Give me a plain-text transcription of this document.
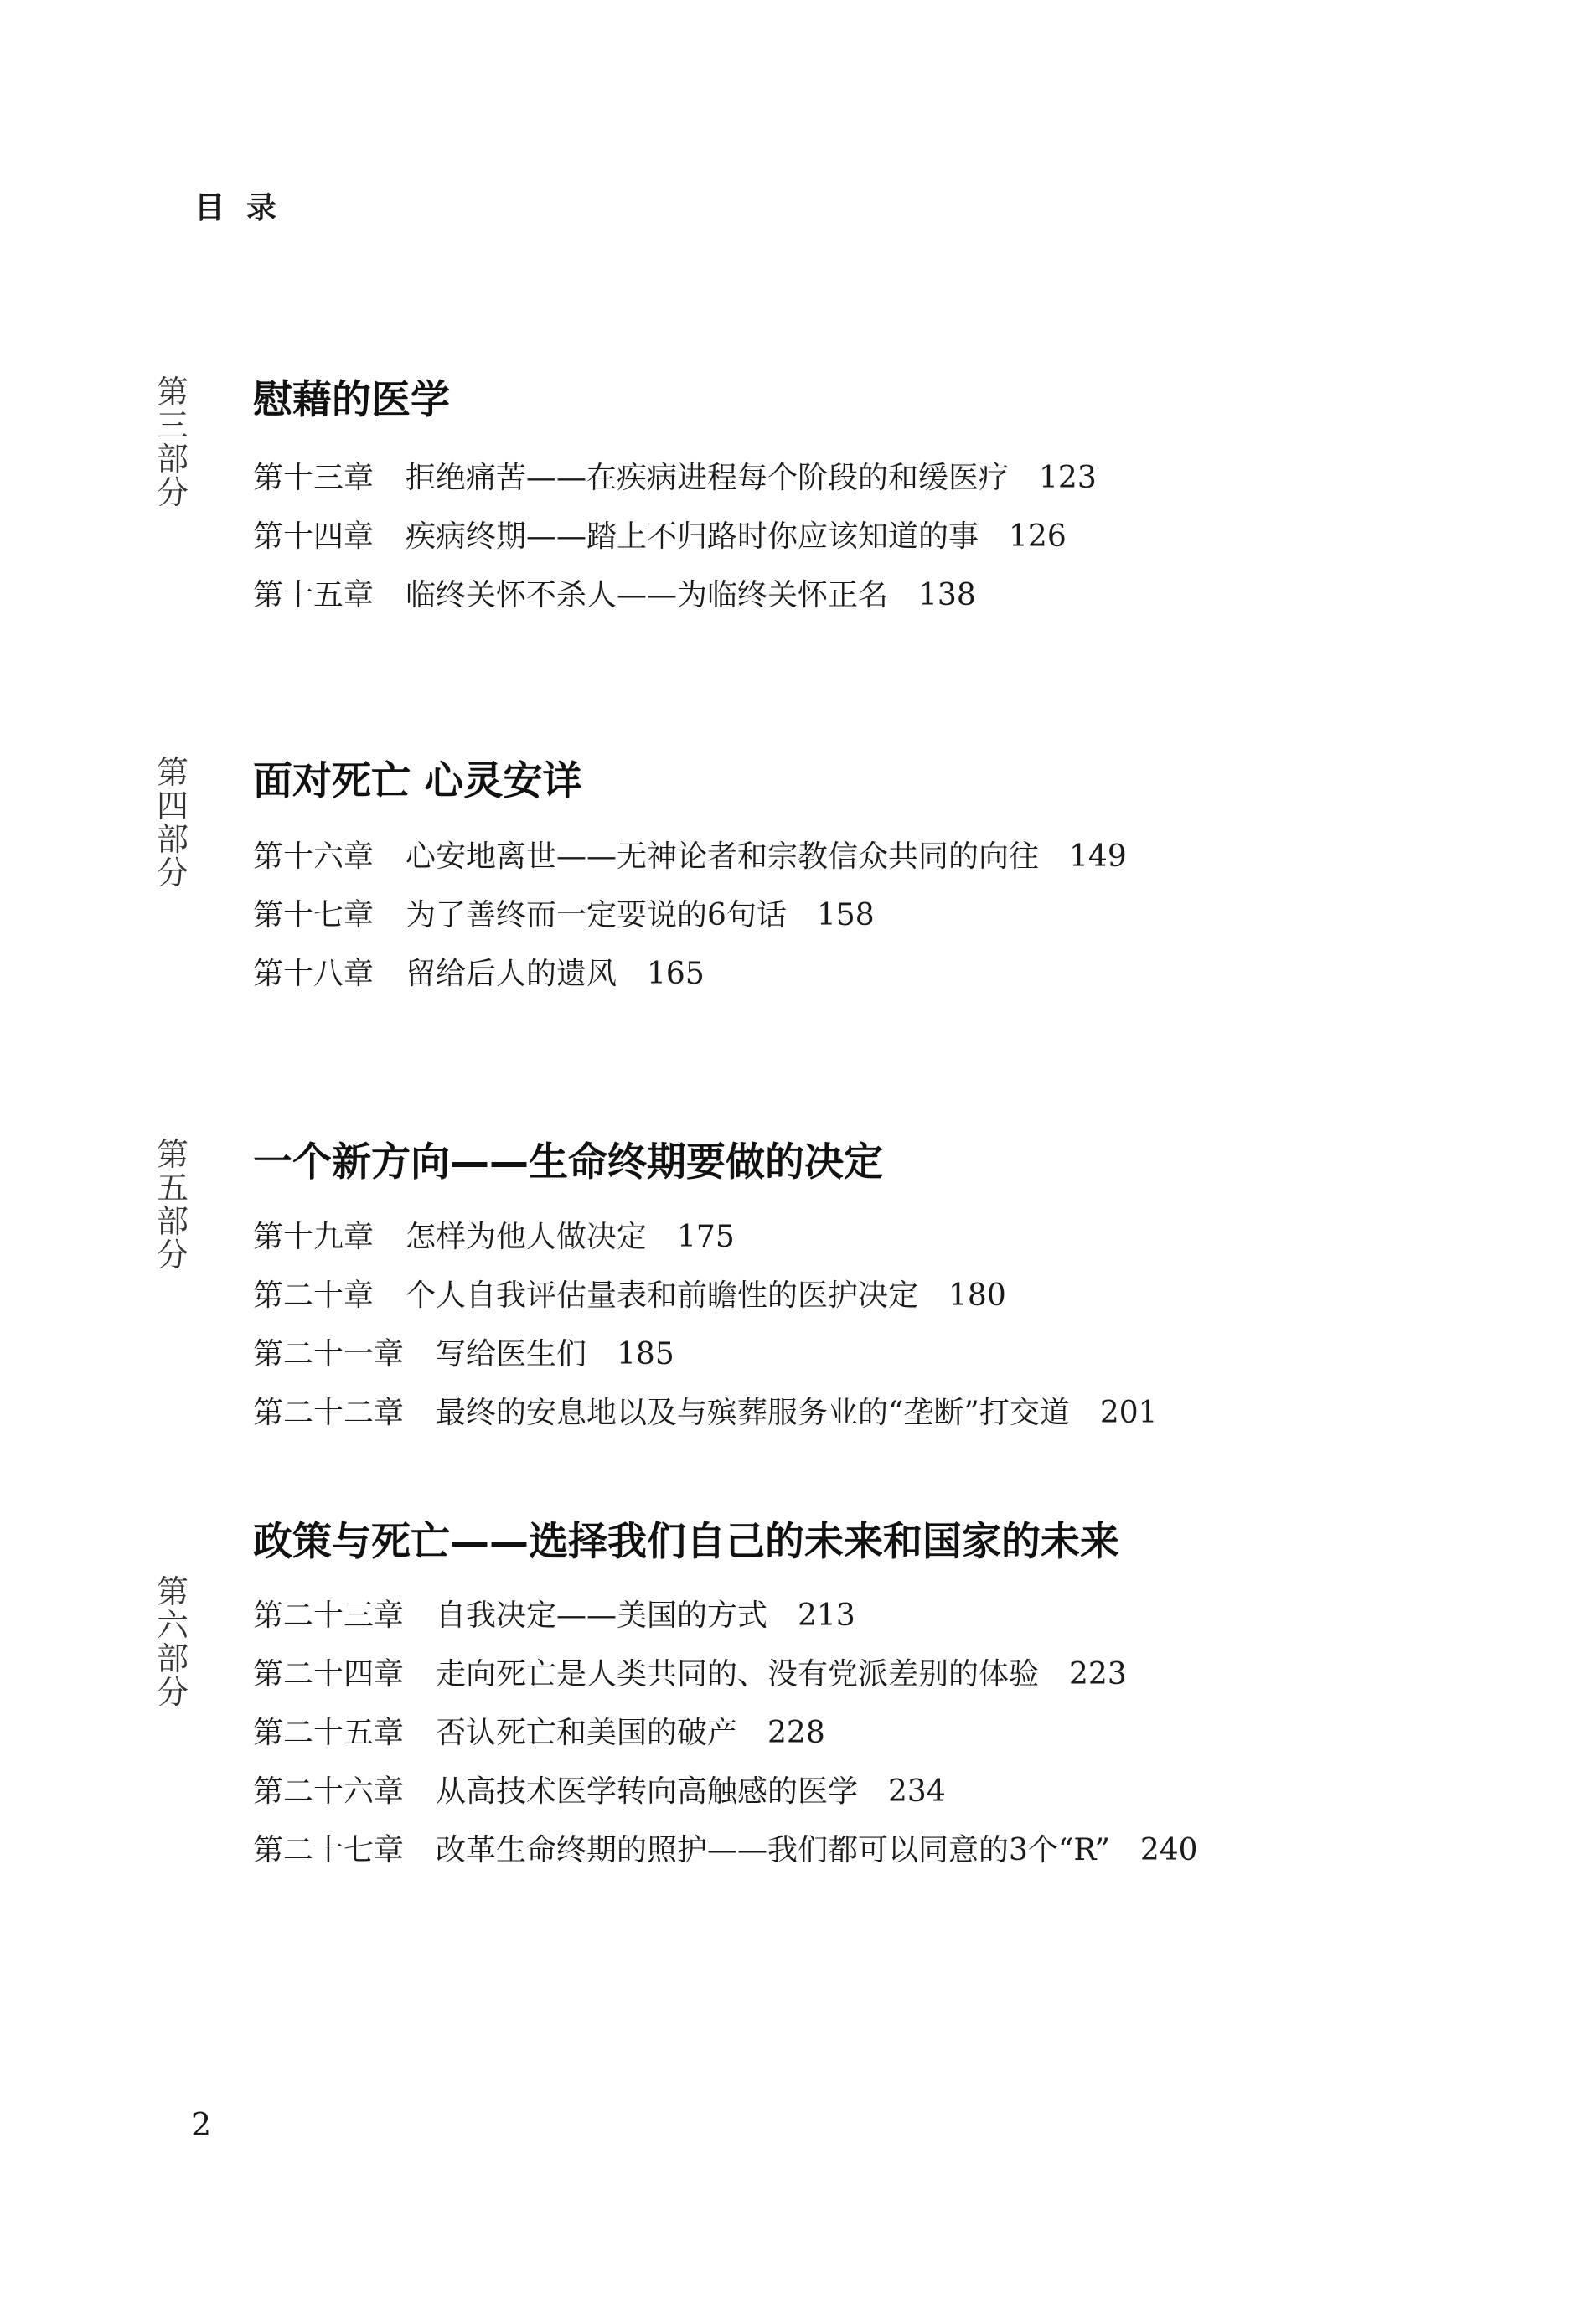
目录
第
三
部
分
慰藉的医学
第十三章 拒绝痛苦——在疾病进程每个阶段的和缓医疗 123
第十四章 疾病终期——踏上不归路时你应该知道的事 126
第十五章 临终关怀不杀人——为临终关怀正名 138
第
四
部
分
面对死亡 心灵安详
第十六章 心安地离世——无神论者和宗教信众共同的向往 149
第十七章 为了善终而一定要说的6句话 158
第十八章 留给后人的遗风 165
第
五
部
分
一个新方向——生命终期要做的决定
第十九章 怎样为他人做决定 175
第二十章 个人自我评估量表和前瞻性的医护决定 180
第二十一章 写给医生们 185
第二十二章 最终的安息地以及与殡葬服务业的“垄断”打交道 201
第
六
部
分
政策与死亡——选择我们自己的未来和国家的未来
第二十三章 自我决定——美国的方式 213
第二十四章 走向死亡是人类共同的、没有党派差别的体验 223
第二十五章 否认死亡和美国的破产 228
第二十六章 从高技术医学转向高触感的医学 234
第二十七章 改革生命终期的照护——我们都可以同意的3个“R” 240
2
